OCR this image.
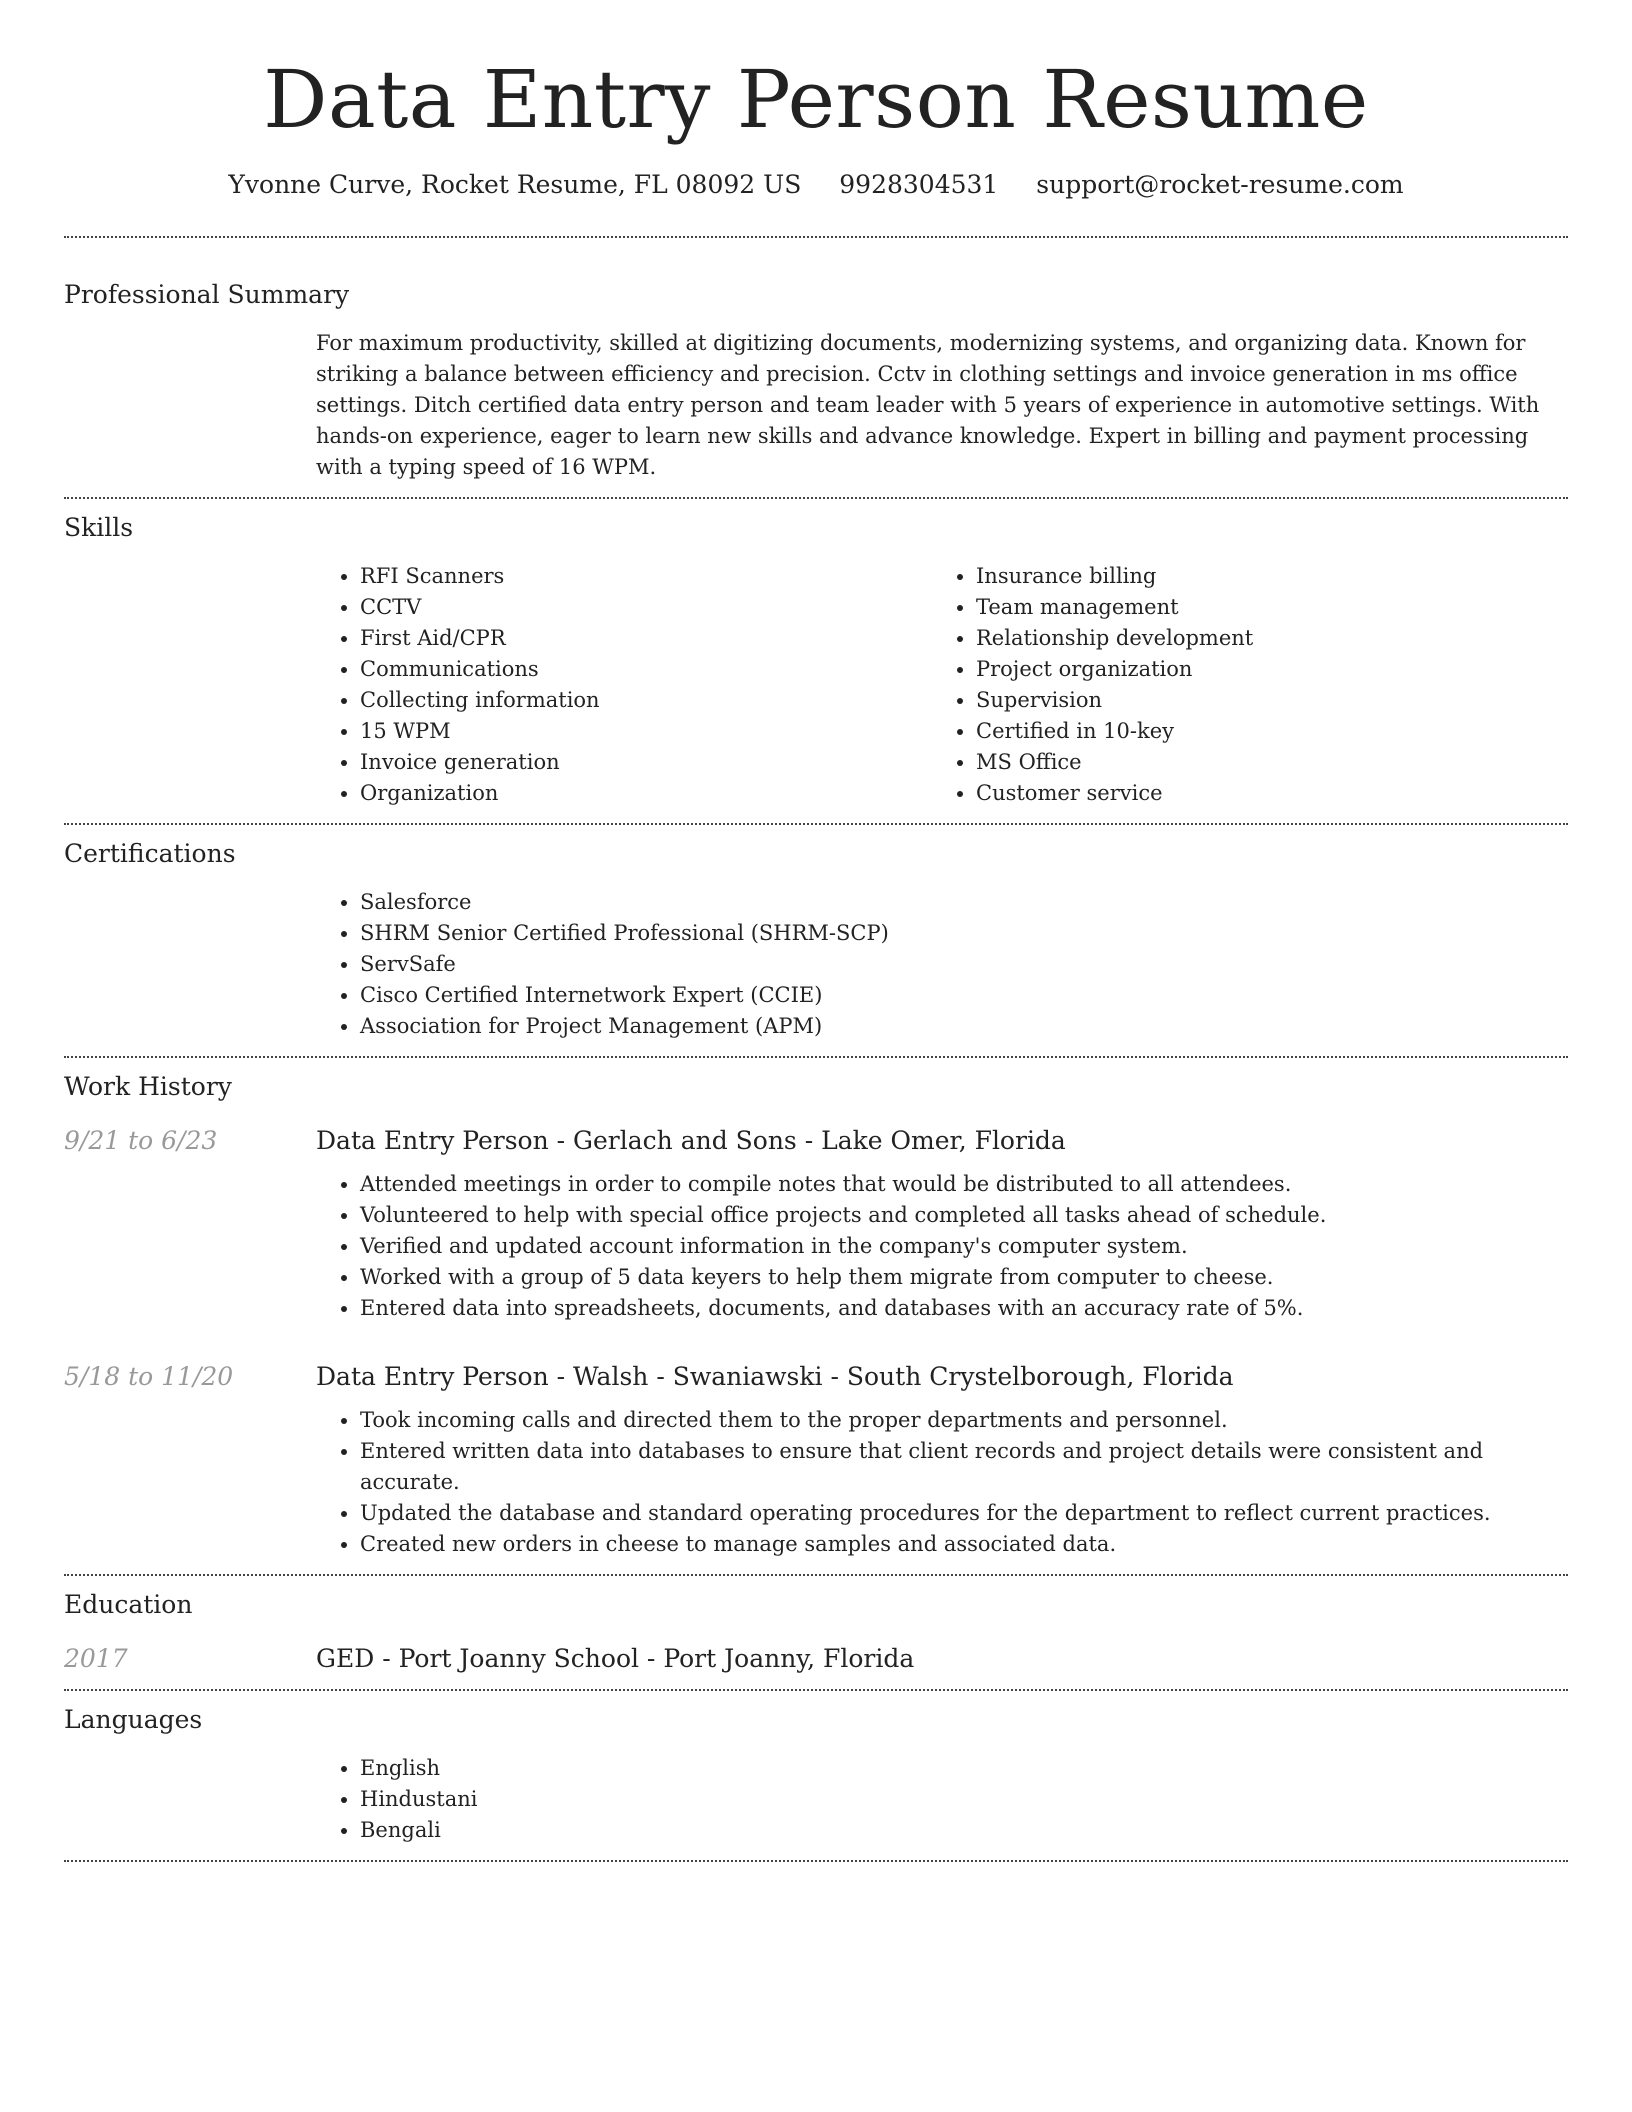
Data Entry Person Resume
Yvonne Curve, Rocket Resume, FL 08092 US 9928304531 support@rocket-resume.com
Professional Summary

For maximum productivity, skilled at digitizing documents, modernizing systems, and organizing data. Known for striking a balance between efficiency and precision. Cctv in clothing settings and invoice generation in ms office settings. Ditch certified data entry person and team leader with 5 years of experience in automotive settings. With hands-on experience, eager to learn new skills and advance knowledge. Expert in billing and payment processing with a typing speed of 16 WPM.

Skills
• RFI Scanners
• CCTV
• First Aid/CPR
• Communications
• Collecting information
• 15 WPM
• Invoice generation
• Organization
• Insurance billing
• Team management
• Relationship development
• Project organization
• Supervision
• Certified in 10-key
• MS Office
• Customer service
Certifications
• Salesforce
• SHRM Senior Certified Professional (SHRM-SCP)
• ServSafe
• Cisco Certified Internetwork Expert (CCIE)
• Association for Project Management (APM)
Work History
9/21 to 6/23	Data Entry Person - Gerlach and Sons - Lake Omer, Florida
• Attended meetings in order to compile notes that would be distributed to all attendees.
• Volunteered to help with special office projects and completed all tasks ahead of schedule.
• Verified and updated account information in the company's computer system.
• Worked with a group of 5 data keyers to help them migrate from computer to cheese.
• Entered data into spreadsheets, documents, and databases with an accuracy rate of 5%.
5/18 to 11/20	Data Entry Person - Walsh - Swaniawski - South Crystelborough, Florida
• Took incoming calls and directed them to the proper departments and personnel.
• Entered written data into databases to ensure that client records and project details were consistent and accurate.
• Updated the database and standard operating procedures for the department to reflect current practices.
• Created new orders in cheese to manage samples and associated data.
Education
2017	GED - Port Joanny School - Port Joanny, Florida
Languages
• English
• Hindustani
• Bengali
